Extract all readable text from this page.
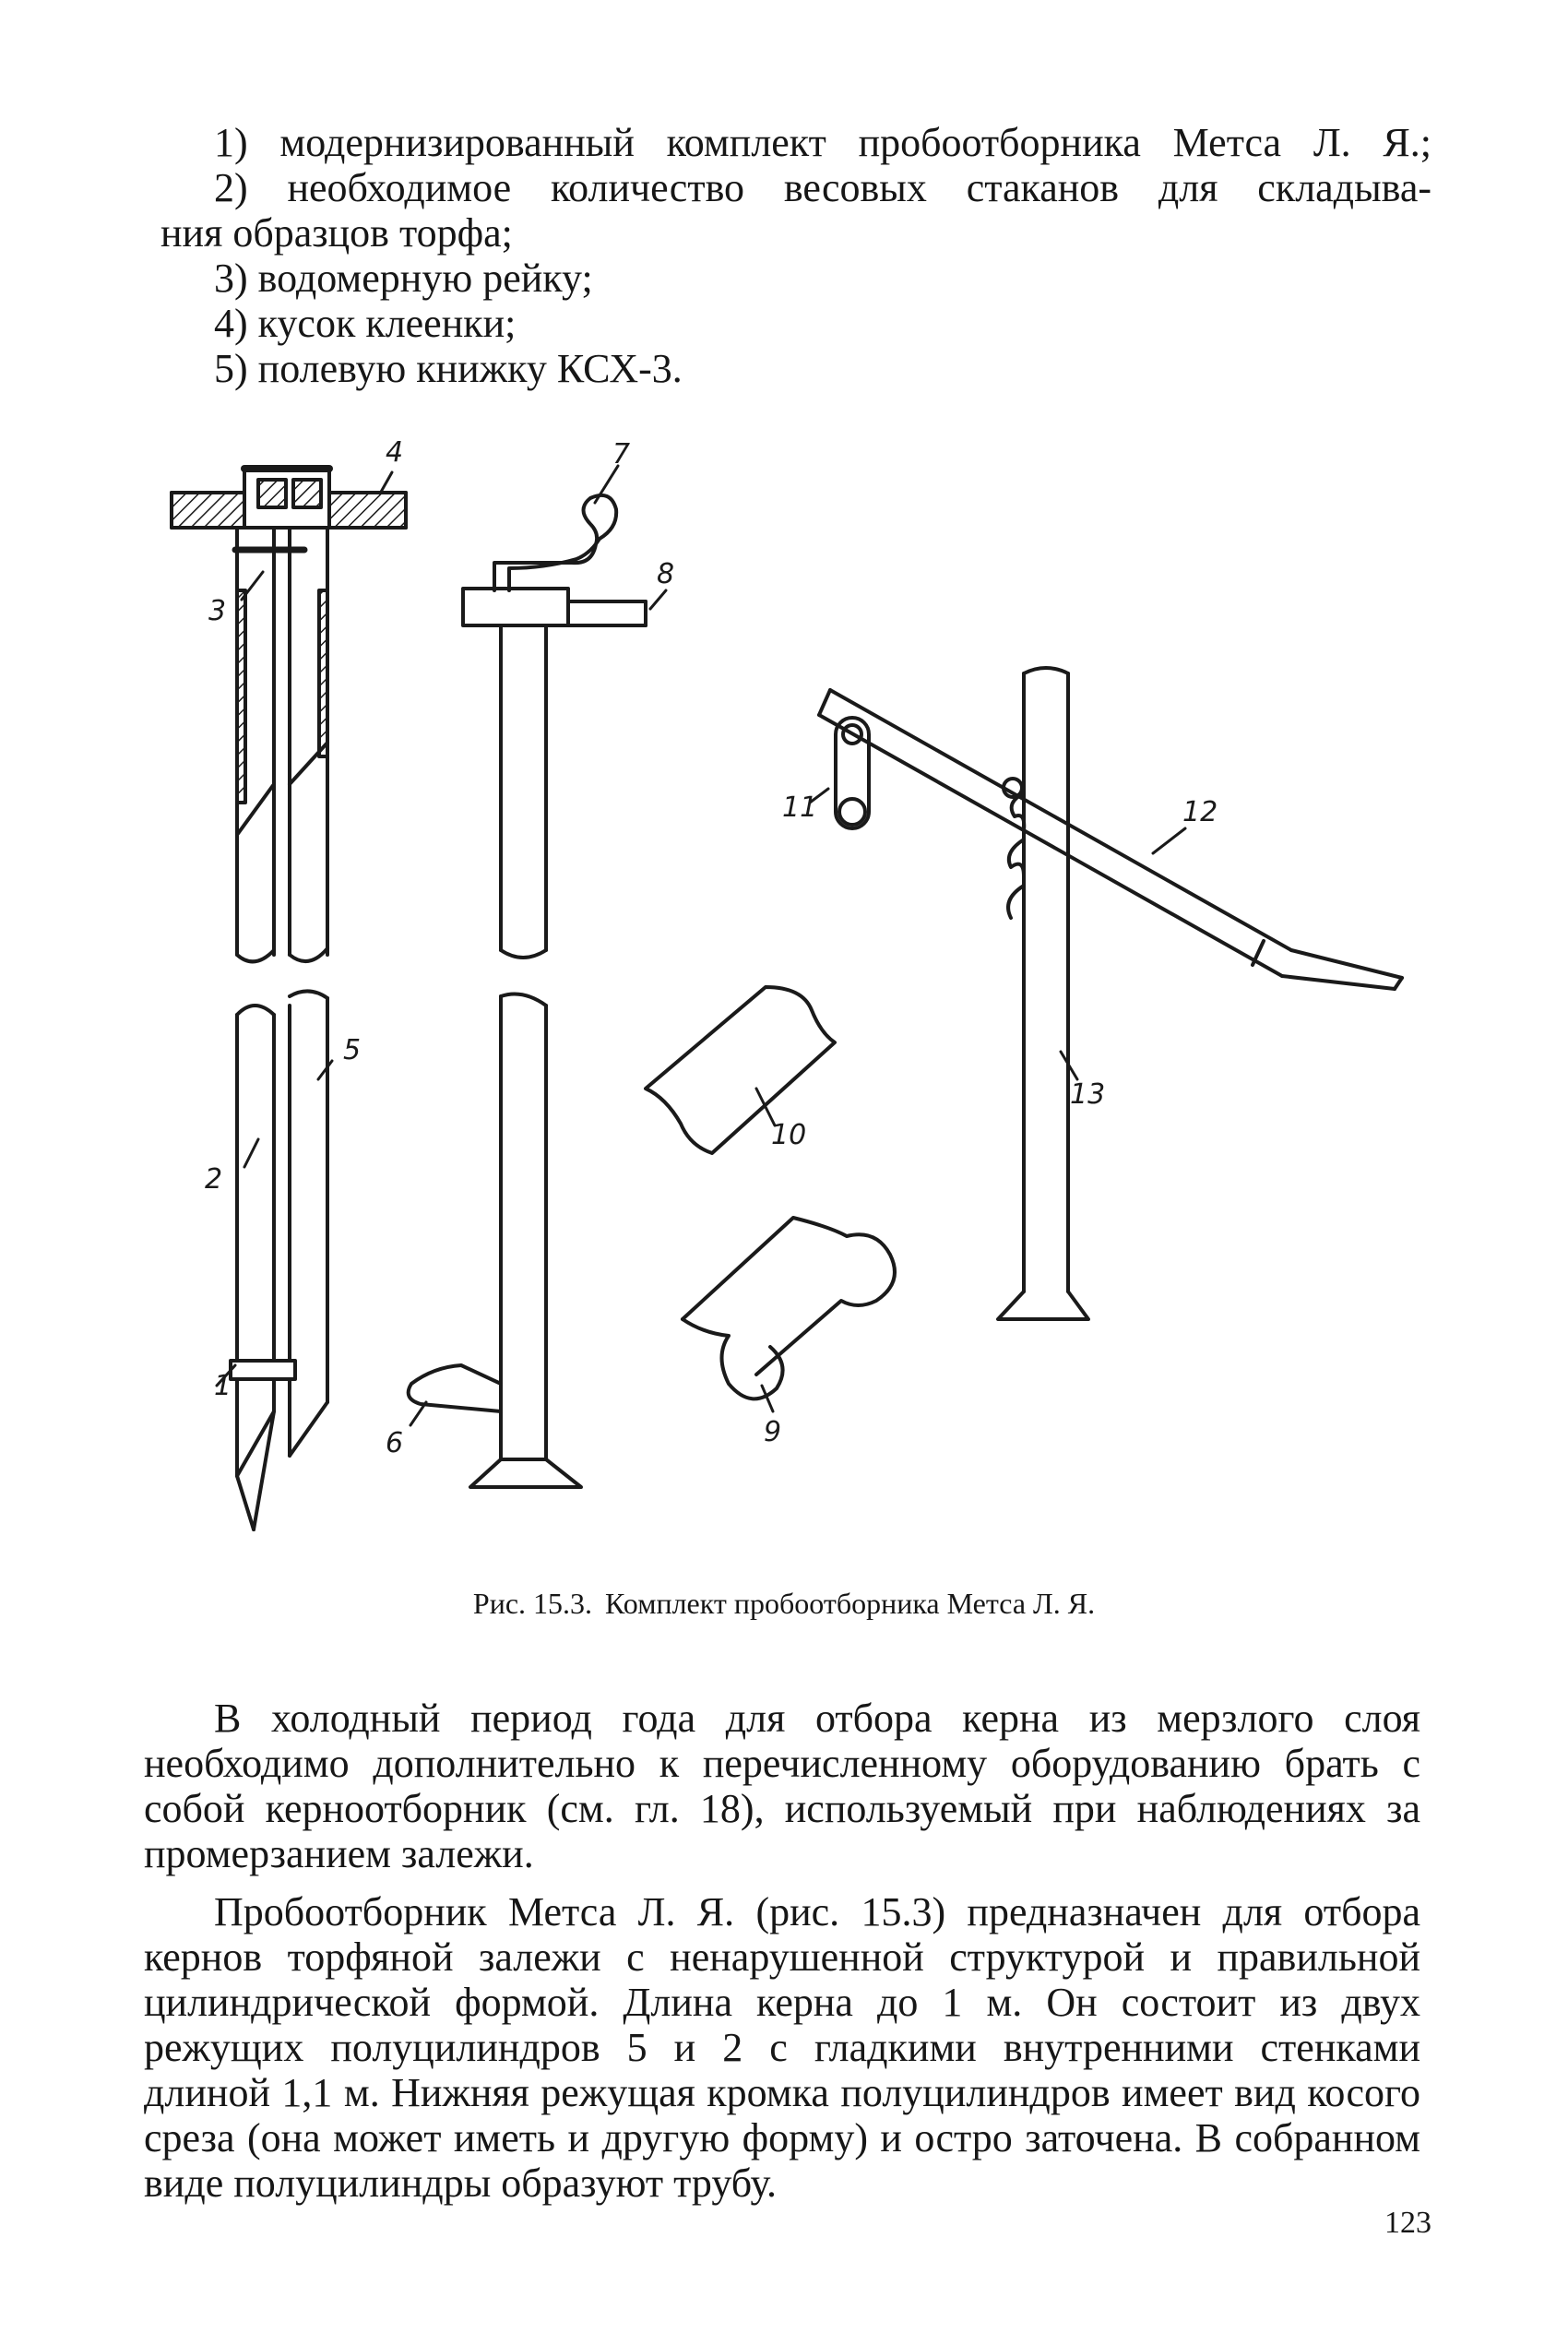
1) модернизированный комплект пробоотборника Метса Л. Я.;
2) необходимое количество весовых стаканов для складыва-
ния образцов торфа;
3) водомерную рейку;
4) кусок клеенки;
5) полевую книжку КСХ-3.
1
2
3
4
5
6
7
8
9
10
11	12
13
Рис. 15.3. Комплект пробоотборника Метса Л. Я.

В холодный период года для отбора керна из мерзлого слоя необходимо дополнительно к перечисленному оборудованию брать с собой керноотборник (см. гл. 18), используемый при наблюдениях за промерзанием залежи.

Пробоотборник Метса Л. Я. (рис. 15.3) предназначен для отбора кернов торфяной залежи с ненарушенной структурой и правильной цилиндрической формой. Длина керна до 1 м. Он состоит из двух режущих полуцилиндров 5 и 2 с гладкими внутренними стенками длиной 1,1 м. Нижняя режущая кромка полуцилиндров имеет вид косого среза (она может иметь и другую форму) и остро заточена. В собранном виде полуцилиндры образуют трубу.

123
